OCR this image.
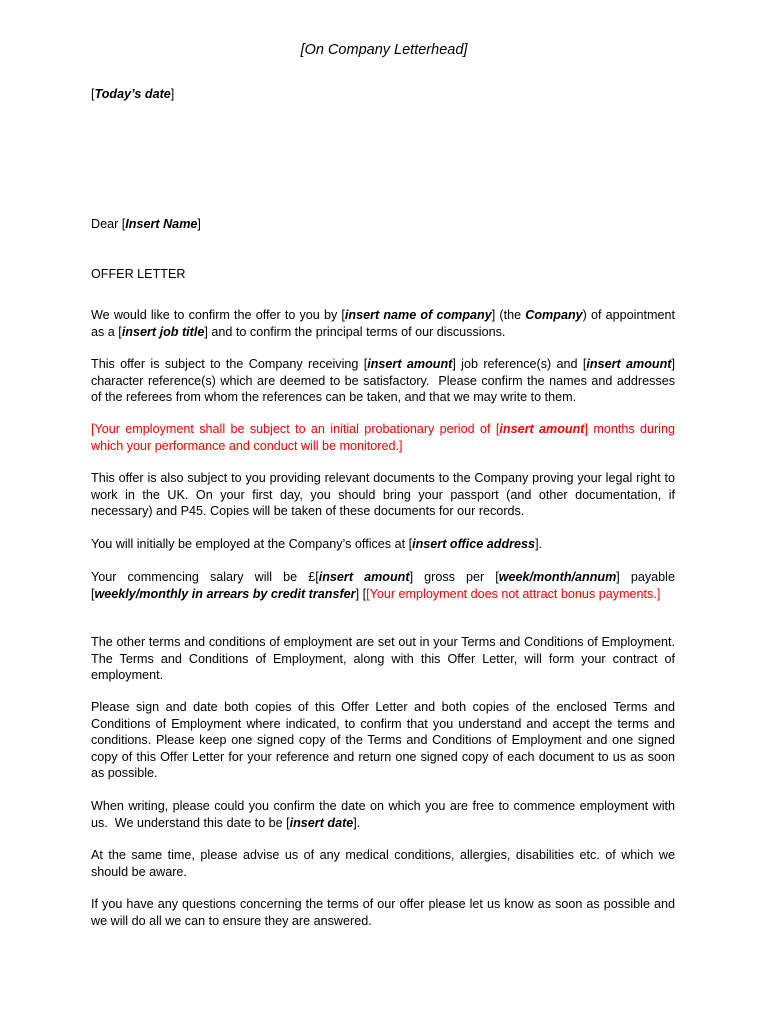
[On Company Letterhead]
[Today’s date]
Dear [Insert Name]
OFFER LETTER
We would like to confirm the offer to you by [insert name of company] (the Company) of appointment as a [insert job title] and to confirm the principal terms of our discussions.
This offer is subject to the Company receiving [insert amount] job reference(s) and [insert amount] character reference(s) which are deemed to be satisfactory.  Please confirm the names and addresses of the referees from whom the references can be taken, and that we may write to them.
[Your employment shall be subject to an initial probationary period of [insert amount] months during which your performance and conduct will be monitored.]
This offer is also subject to you providing relevant documents to the Company proving your legal right to work in the UK. On your first day, you should bring your passport (and other documentation, if necessary) and P45. Copies will be taken of these documents for our records.
You will initially be employed at the Company’s offices at [insert office address].
Your commencing salary will be £[insert amount] gross per [week/month/annum] payable [weekly/monthly in arrears by credit transfer] [[Your employment does not attract bonus payments.]
The other terms and conditions of employment are set out in your Terms and Conditions of Employment. The Terms and Conditions of Employment, along with this Offer Letter, will form your contract of employment.
Please sign and date both copies of this Offer Letter and both copies of the enclosed Terms and Conditions of Employment where indicated, to confirm that you understand and accept the terms and conditions. Please keep one signed copy of the Terms and Conditions of Employment and one signed copy of this Offer Letter for your reference and return one signed copy of each document to us as soon as possible.
When writing, please could you confirm the date on which you are free to commence employment with us.  We understand this date to be [insert date].
At the same time, please advise us of any medical conditions, allergies, disabilities etc. of which we should be aware.
If you have any questions concerning the terms of our offer please let us know as soon as possible and we will do all we can to ensure they are answered.
